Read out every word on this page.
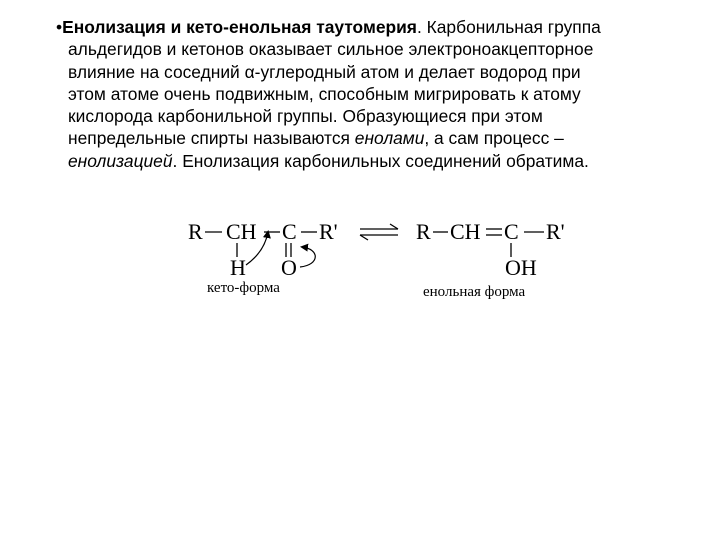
•Енолизация и кето-енольная таутомерия. Карбонильная группа
альдегидов и кетонов оказывает сильное электроноакцепторное
влияние на соседний α-углеродный атом и делает водород при
этом атоме очень подвижным, способным мигрировать к атому
кислорода карбонильной группы. Образующиеся при этом
непредельные спирты называются енолами, а сам процесс –
енолизацией. Енолизация карбонильных соединений обратима.
R CH C R'
H O
кето-форма
R CH C R'
OH
енольная форма
